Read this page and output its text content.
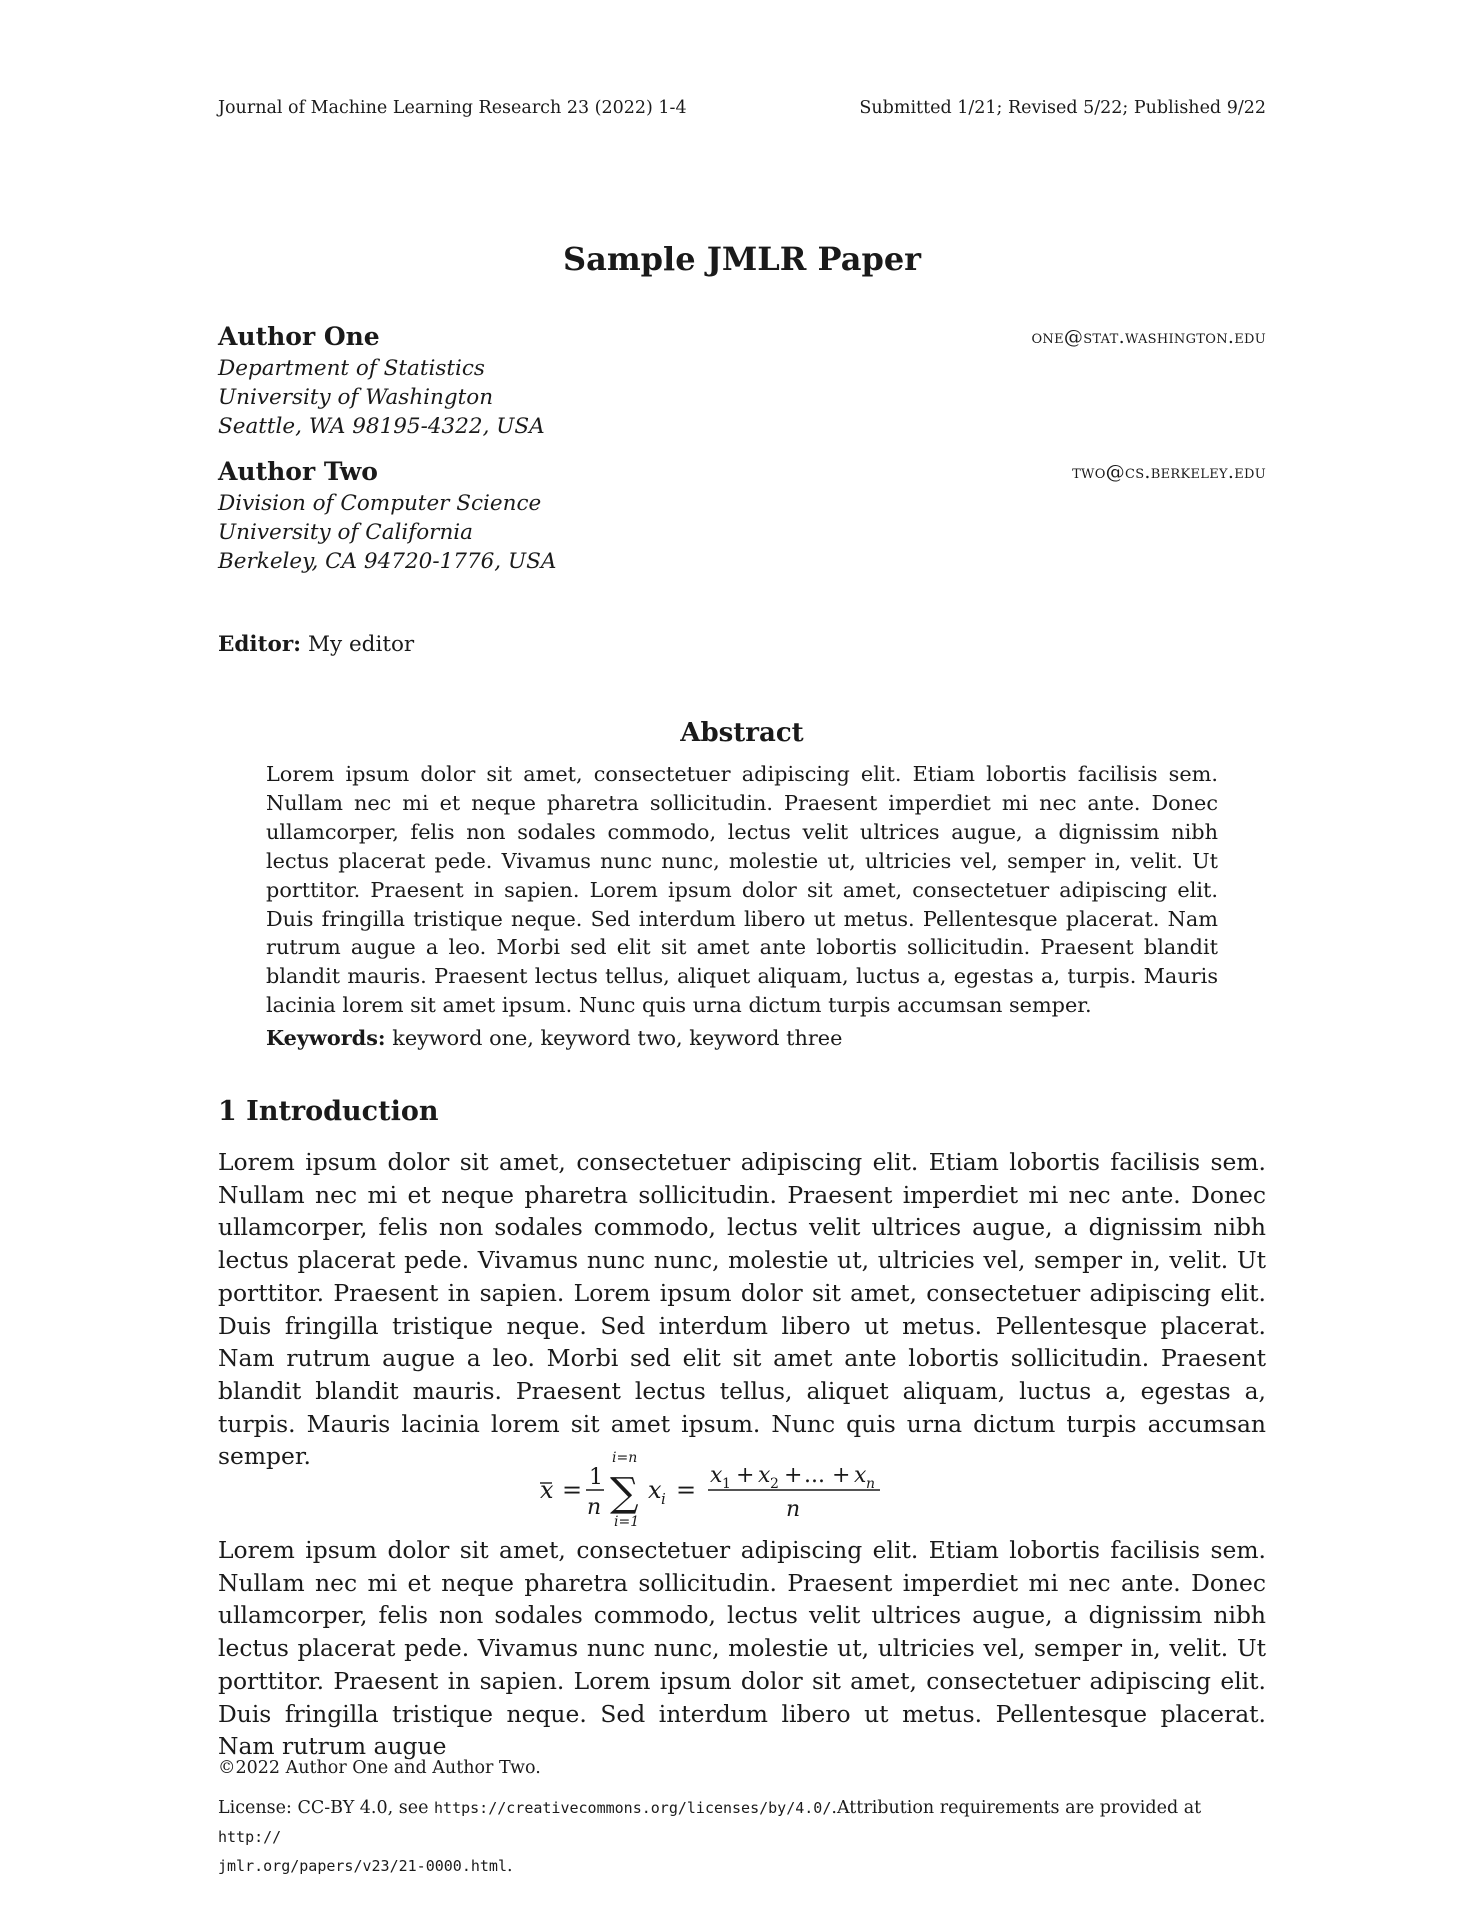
Journal of Machine Learning Research 23 (2022) 1-4	Submitted 1/21; Revised 5/22; Published 9/22
Sample JMLR Paper
Author One	one@stat.washington.edu
Department of Statistics
University of Washington
Seattle, WA 98195-4322, USA
Author Two	two@cs.berkeley.edu
Division of Computer Science
University of California
Berkeley, CA 94720-1776, USA
Editor: My editor
Abstract

Lorem ipsum dolor sit amet, consectetuer adipiscing elit. Etiam lobortis facilisis sem. Nullam nec mi et neque pharetra sollicitudin. Praesent imperdiet mi nec ante. Donec ullamcorper, felis non sodales commodo, lectus velit ultrices augue, a dignissim nibh lectus placerat pede. Vivamus nunc nunc, molestie ut, ultricies vel, semper in, velit. Ut porttitor. Praesent in sapien. Lorem ipsum dolor sit amet, consectetuer adipiscing elit. Duis fringilla tristique neque. Sed interdum libero ut metus. Pellentesque placerat. Nam rutrum augue a leo. Morbi sed elit sit amet ante lobortis sollicitudin. Praesent blandit blandit mauris. Praesent lectus tellus, aliquet aliquam, luctus a, egestas a, turpis. Mauris lacinia lorem sit amet ipsum. Nunc quis urna dictum turpis accumsan semper.

Keywords: keyword one, keyword two, keyword three
1 Introduction

Lorem ipsum dolor sit amet, consectetuer adipiscing elit. Etiam lobortis facilisis sem. Nullam nec mi et neque pharetra sollicitudin. Praesent imperdiet mi nec ante. Donec ullamcorper, felis non sodales commodo, lectus velit ultrices augue, a dignissim nibh lectus placerat pede. Vivamus nunc nunc, molestie ut, ultricies vel, semper in, velit. Ut porttitor. Praesent in sapien. Lorem ipsum dolor sit amet, consectetuer adipiscing elit. Duis fringilla tristique neque. Sed interdum libero ut metus. Pellentesque placerat. Nam rutrum augue a leo. Morbi sed elit sit amet ante lobortis sollicitudin. Praesent blandit blandit mauris. Praesent lectus tellus, aliquet aliquam, luctus a, egestas a, turpis. Mauris lacinia lorem sit amet ipsum. Nunc quis urna dictum turpis accumsan semper.

x = 1
n
i=n
∑
i=1
x i =
x 1 + x 2 + ... + x n
n

Lorem ipsum dolor sit amet, consectetuer adipiscing elit. Etiam lobortis facilisis sem. Nullam nec mi et neque pharetra sollicitudin. Praesent imperdiet mi nec ante. Donec ullamcorper, felis non sodales commodo, lectus velit ultrices augue, a dignissim nibh lectus placerat pede. Vivamus nunc nunc, molestie ut, ultricies vel, semper in, velit. Ut porttitor. Praesent in sapien. Lorem ipsum dolor sit amet, consectetuer adipiscing elit. Duis fringilla tristique neque. Sed interdum libero ut metus. Pellentesque placerat. Nam rutrum augue

©2022 Author One and Author Two.
License: CC-BY 4.0, see https://creativecommons.org/licenses/by/4.0/.Attribution requirements are provided at http://
jmlr.org/papers/v23/21-0000.html.
